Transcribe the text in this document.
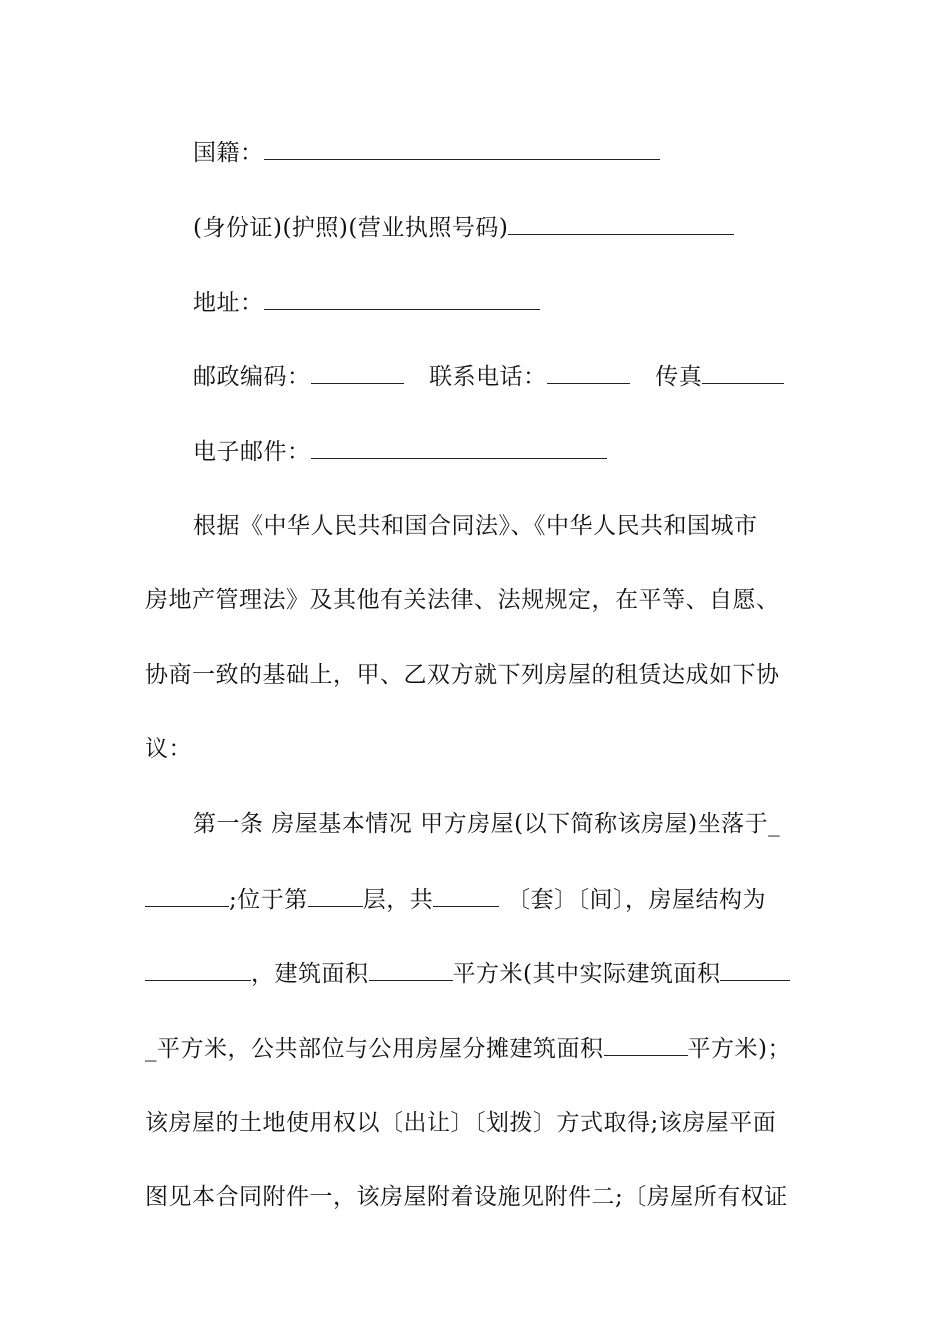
国籍：
(身份证)(护照)(营业执照号码)
地址：
邮政编码：	联系电话：	传真
电子邮件：
根据《中华人民共和国合同法》、《中华人民共和国城市
房地产管理法》及其他有关法律、法规规定，在平等、自愿、
协商一致的基础上，甲、乙双方就下列房屋的租赁达成如下协
议：
第一条 房屋基本情况 甲方房屋(以下简称该房屋)坐落于_
;位于第 层，共	〔套〕〔间〕，房屋结构为
，建筑面积	平方米(其中实际建筑面积
_平方米，公共部位与公用房屋分摊建筑面积	平方米)；
该房屋的土地使用权以〔出让〕〔划拨〕方式取得;该房屋平面
图见本合同附件一，该房屋附着设施见附件二;〔房屋所有权证
